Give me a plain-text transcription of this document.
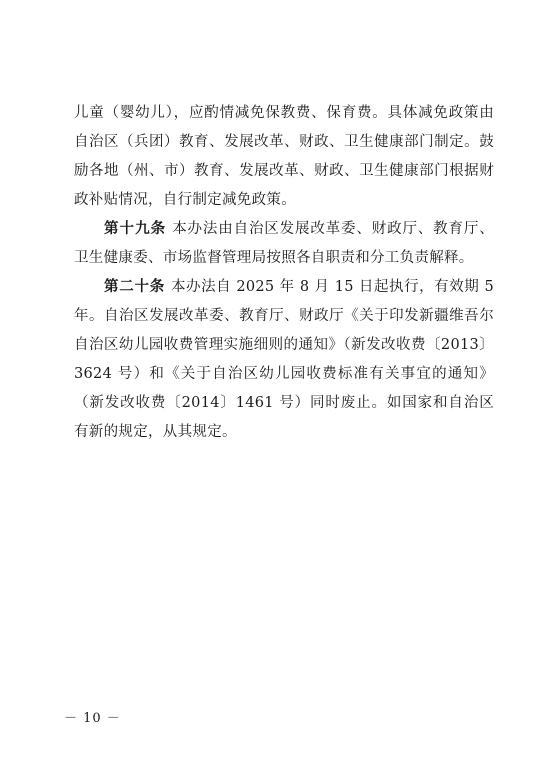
儿童（婴幼儿），应酌情减免保教费、保育费。具体减免政策由自治区（兵团）教育、发展改革、财政、卫生健康部门制定。鼓励各地（州、市）教育、发展改革、财政、卫生健康部门根据财政补贴情况，自行制定减免政策。

第十九条 本办法由自治区发展改革委、财政厅、教育厅、卫生健康委、市场监督管理局按照各自职责和分工负责解释。

第二十条 本办法自 2025 年 8 月 15 日起执行，有效期 5 年。自治区发展改革委、教育厅、财政厅《关于印发新疆维吾尔自治区幼儿园收费管理实施细则的通知》（新发改收费〔2013〕3624 号）和《关于自治区幼儿园收费标准有关事宜的通知》（新发改收费〔2014〕1461 号）同时废止。如国家和自治区有新的规定，从其规定。

－ 10 －
